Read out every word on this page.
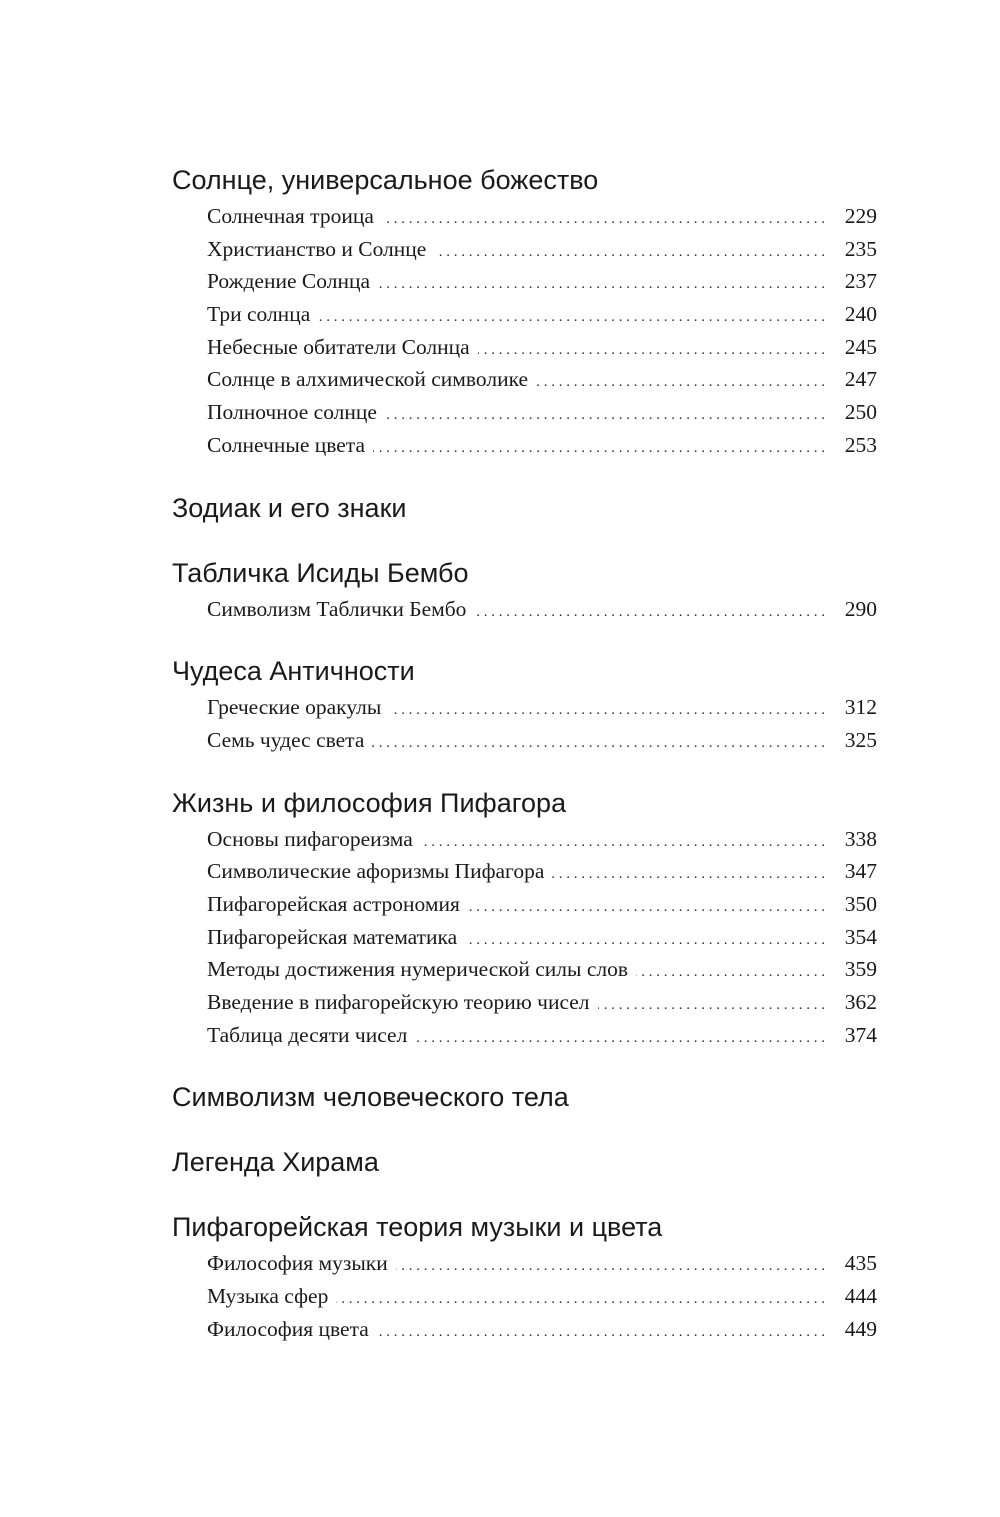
Солнце, универсальное божество
Солнечная троица . . .	229
Христианство и Солнце . . .	235
Рождение Солнца . . .	237
Три солнца . . .	240
Небесные обитатели Солнца . . .	245
Солнце в алхимической символике . . .	247
Полночное солнце . . .	250
Солнечные цвета . . .	253
Зодиак и его знаки
Табличка Исиды Бембо
Символизм Таблички Бембо . . .	290
Чудеса Античности
Греческие оракулы . . .	312
Семь чудес света . . .	325
Жизнь и философия Пифагора
Основы пифагореизма . . .	338
Символические афоризмы Пифагора . . .	347
Пифагорейская астрономия . . .	350
Пифагорейская математика . . .	354
Методы достижения нумерической силы слов . . .	359
Введение в пифагорейскую теорию чисел . . .	362
Таблица десяти чисел . . .	374
Символизм человеческого тела
Легенда Хирама
Пифагорейская теория музыки и цвета
Философия музыки . . .	435
Музыка сфер . . .	444
Философия цвета . . .	449
